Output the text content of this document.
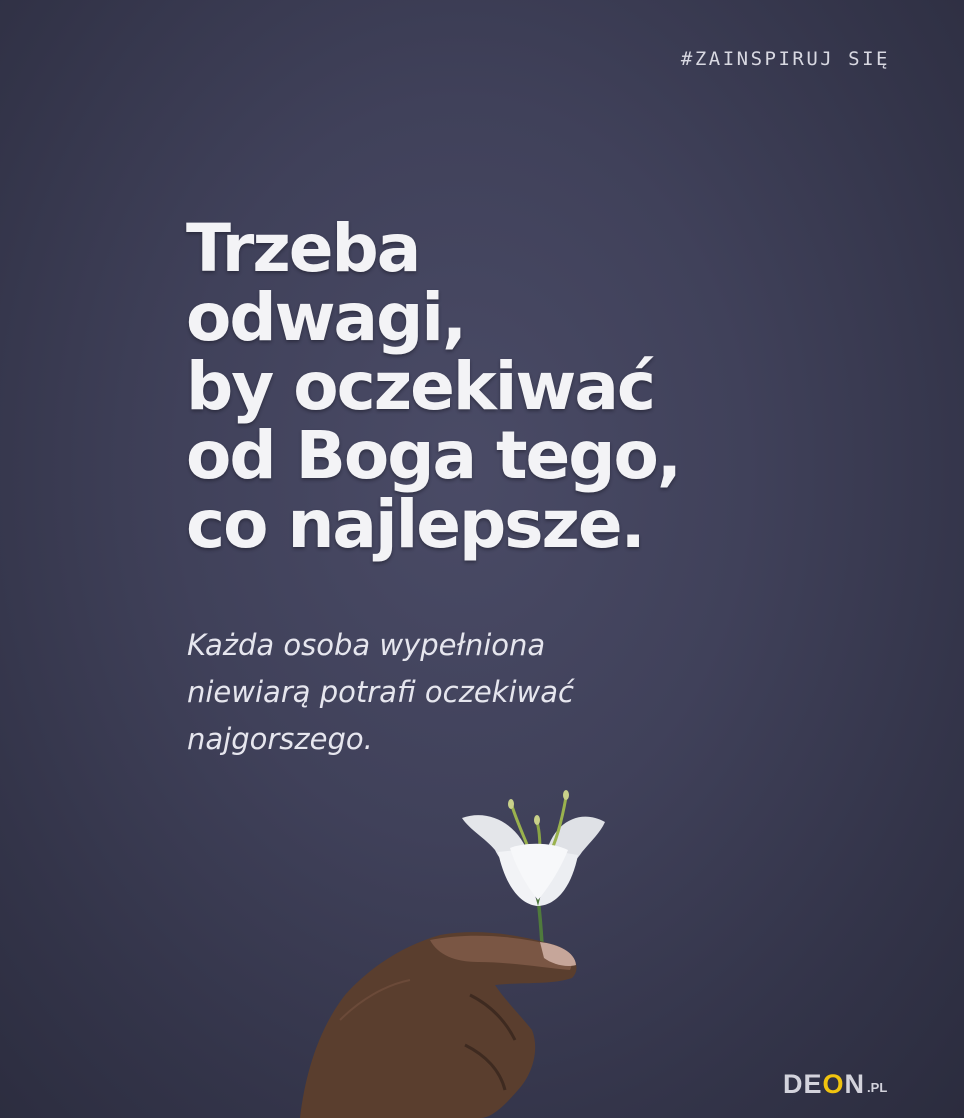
#ZAINSPIRUJ SIĘ
Trzeba
odwagi,
by oczekiwać
od Boga tego,
co najlepsze.

Każda osoba wypełniona
niewiarą potrafi oczekiwać
najgorszego.

DEON .PL
